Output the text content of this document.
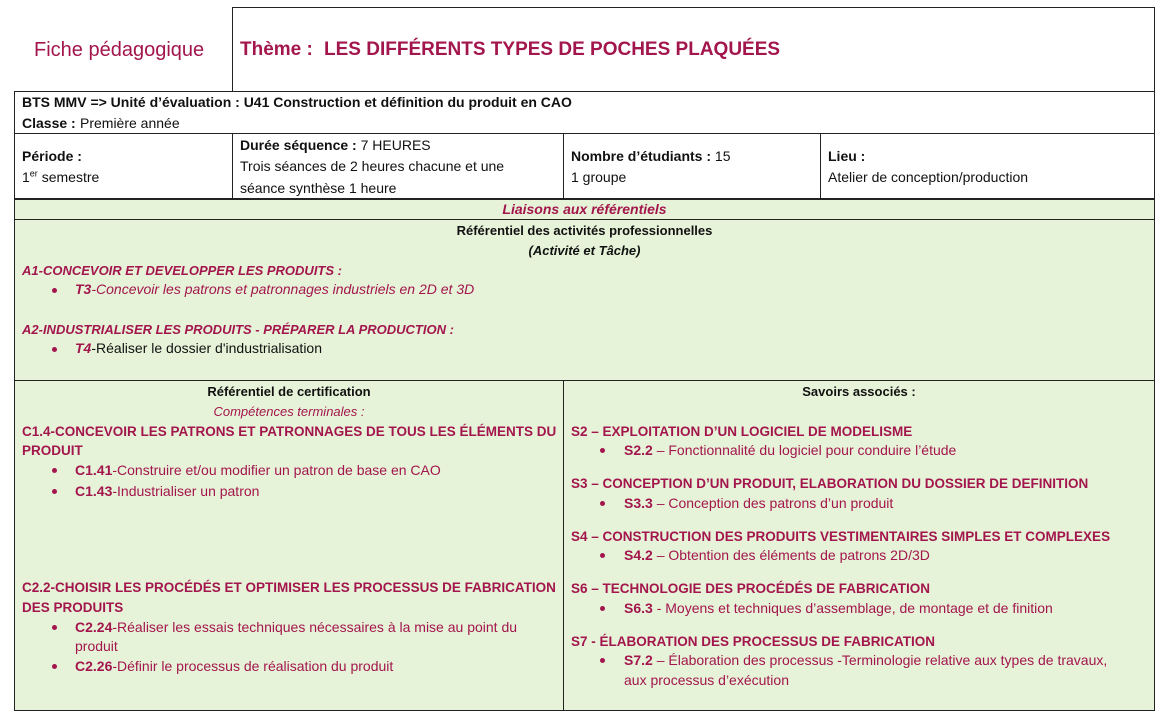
Fiche pédagogique Thème : LES DIFFÉRENTS TYPES DE POCHES PLAQUÉES
BTS MMV => Unité d’évaluation : U41 Construction et définition du produit en CAO
Classe : Première année
Période :
1er semestre
Durée séquence : 7 HEURES
Trois séances de 2 heures chacune et une
séance synthèse 1 heure
Nombre d’étudiants : 15
1 groupe
Lieu :
Atelier de conception/production
Liaisons aux référentiels
Référentiel des activités professionnelles
(Activité et Tâche)
A1-CONCEVOIR ET DEVELOPPER LES PRODUITS :
T3-Concevoir les patrons et patronnages industriels en 2D et 3D
A2-INDUSTRIALISER LES PRODUITS - PRÉPARER LA PRODUCTION :
T4-Réaliser le dossier d'industrialisation
Référentiel de certification
Compétences terminales :
C1.4-CONCEVOIR LES PATRONS ET PATRONNAGES DE TOUS LES ÉLÉMENTS DU
PRODUIT
C1.41-Construire et/ou modifier un patron de base en CAO
C1.43-Industrialiser un patron
C2.2-CHOISIR LES PROCÉDÉS ET OPTIMISER LES PROCESSUS DE FABRICATION
DES PRODUITS
C2.24-Réaliser les essais techniques nécessaires à la mise au point du
produit
C2.26-Définir le processus de réalisation du produit
Savoirs associés :
S2 – EXPLOITATION D’UN LOGICIEL DE MODELISME
S2.2 – Fonctionnalité du logiciel pour conduire l’étude
S3 – CONCEPTION D’UN PRODUIT, ELABORATION DU DOSSIER DE DEFINITION
S3.3 – Conception des patrons d’un produit
S4 – CONSTRUCTION DES PRODUITS VESTIMENTAIRES SIMPLES ET COMPLEXES
S4.2 – Obtention des éléments de patrons 2D/3D
S6 – TECHNOLOGIE DES PROCÉDÉS DE FABRICATION
S6.3 - Moyens et techniques d’assemblage, de montage et de finition
S7 - ÉLABORATION DES PROCESSUS DE FABRICATION
S7.2 – Élaboration des processus -Terminologie relative aux types de travaux,
aux processus d’exécution
